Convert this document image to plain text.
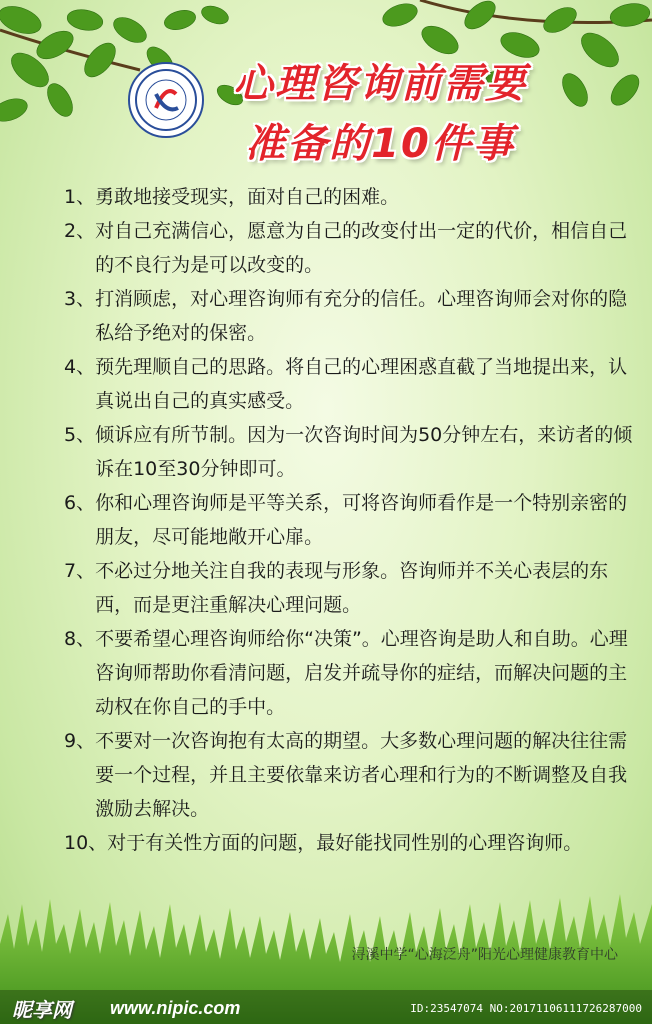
心理咨询前需要
准备的10件事
1、 勇敢地接受现实，面对自己的困难。
2、 对自己充满信心，愿意为自己的改变付出一定的代价，相信自己的不良行为是可以改变的。
3、 打消顾虑，对心理咨询师有充分的信任。心理咨询师会对你的隐私给予绝对的保密。
4、 预先理顺自己的思路。将自己的心理困惑直截了当地提出来，认真说出自己的真实感受。
5、 倾诉应有所节制。因为一次咨询时间为50分钟左右，来访者的倾诉在10至30分钟即可。
6、 你和心理咨询师是平等关系，可将咨询师看作是一个特别亲密的朋友，尽可能地敞开心扉。
7、 不必过分地关注自我的表现与形象。咨询师并不关心表层的东西，而是更注重解决心理问题。
8、 不要希望心理咨询师给你“决策”。心理咨询是助人和自助。心理咨询师帮助你看清问题，启发并疏导你的症结，而解决问题的主动权在你自己的手中。
9、 不要对一次咨询抱有太高的期望。大多数心理问题的解决往往需要一个过程，并且主要依靠来访者心理和行为的不断调整及自我激励去解决。
10、 对于有关性方面的问题，最好能找同性别的心理咨询师。
浔溪中学“心海泛舟”阳光心理健康教育中心
昵享网 www.nipic.com	ID:23547074 NO:20171106111726287000
